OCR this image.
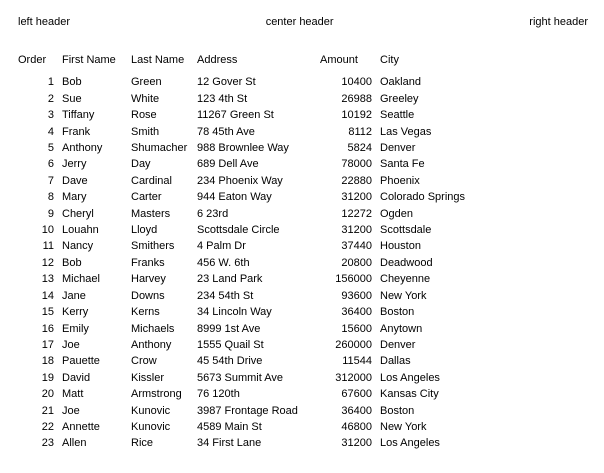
left header	center header	right header
Order	First Name	Last Name	Address	Amount	City
1	Bob	Green	12 Gover St	10400	Oakland
2	Sue	White	123 4th St	26988	Greeley
3	Tiffany	Rose	11267 Green St	10192	Seattle
4	Frank	Smith	78 45th Ave	8112	Las Vegas
5	Anthony	Shumacher	988 Brownlee Way	5824	Denver
6	Jerry	Day	689 Dell Ave	78000	Santa Fe
7	Dave	Cardinal	234 Phoenix Way	22880	Phoenix
8	Mary	Carter	944 Eaton Way	31200	Colorado Springs
9	Cheryl	Masters	6 23rd	12272	Ogden
10	Louahn	Lloyd	Scottsdale Circle	31200	Scottsdale
11	Nancy	Smithers	4 Palm Dr	37440	Houston
12	Bob	Franks	456 W. 6th	20800	Deadwood
13	Michael	Harvey	23 Land Park	156000	Cheyenne
14	Jane	Downs	234 54th St	93600	New York
15	Kerry	Kerns	34 Lincoln Way	36400	Boston
16	Emily	Michaels	8999 1st Ave	15600	Anytown
17	Joe	Anthony	1555 Quail St	260000	Denver
18	Pauette	Crow	45 54th Drive	11544	Dallas
19	David	Kissler	5673 Summit Ave	312000	Los Angeles
20	Matt	Armstrong	76 120th	67600	Kansas City
21	Joe	Kunovic	3987 Frontage Road	36400	Boston
22	Annette	Kunovic	4589 Main St	46800	New York
23	Allen	Rice	34 First Lane	31200	Los Angeles
